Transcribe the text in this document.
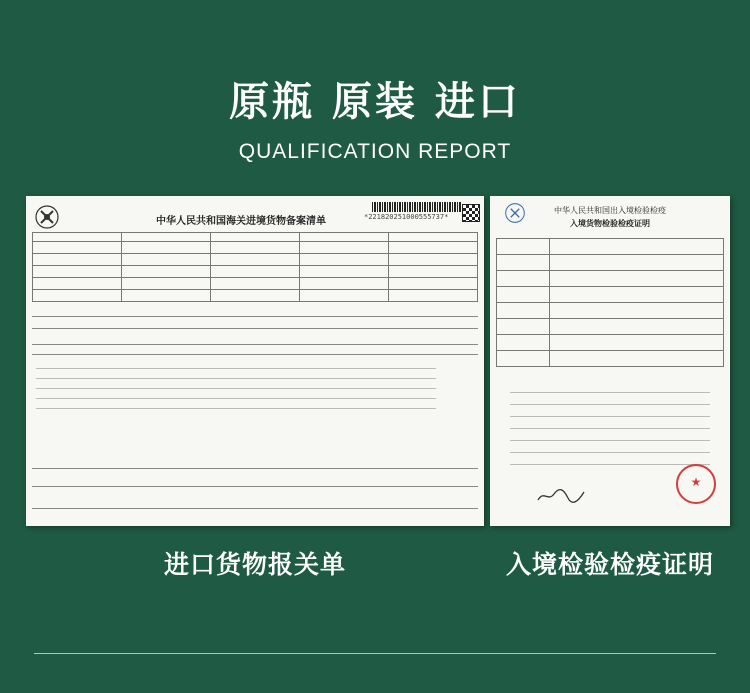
原瓶 原装 进口
QUALIFICATION REPORT
中华人民共和国海关进境货物备案清单	*221820251000555737*

中华人民共和国出入境检验检疫
入境货物检验检疫证明

★
进口货物报关单	入境检验检疫证明
